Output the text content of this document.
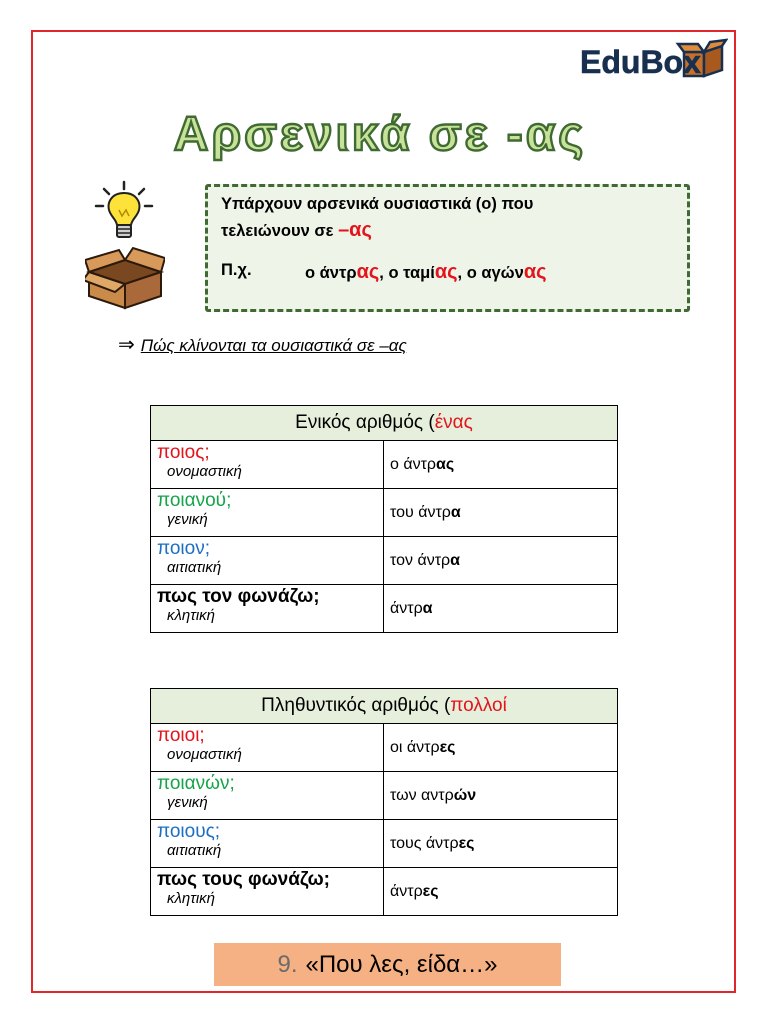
EduBox
Αρσενικά σε -ας
Υπάρχουν αρσενικά ουσιαστικά (ο) που
τελειώνουν σε –ας
Π.χ.	ο άντρας, ο ταμίας, ο αγώνας
⇒ Πώς κλίνονται τα ουσιαστικά σε –ας
Ενικός αριθμός (ένας	

ποιος;
ονομαστική	ο άντρας

ποιανού;
γενική	του άντρα

ποιον;
αιτιατική	τον άντρα

πως τον φωνάζω;
κλητική	άντρα
Πληθυντικός αριθμός (πολλοί	

ποιοι;
ονομαστική	οι άντρες

ποιανών;
γενική	των αντρών

ποιους;
αιτιατική	τους άντρες

πως τους φωνάζω;
κλητική	άντρες
9. «Που λες, είδα…»
